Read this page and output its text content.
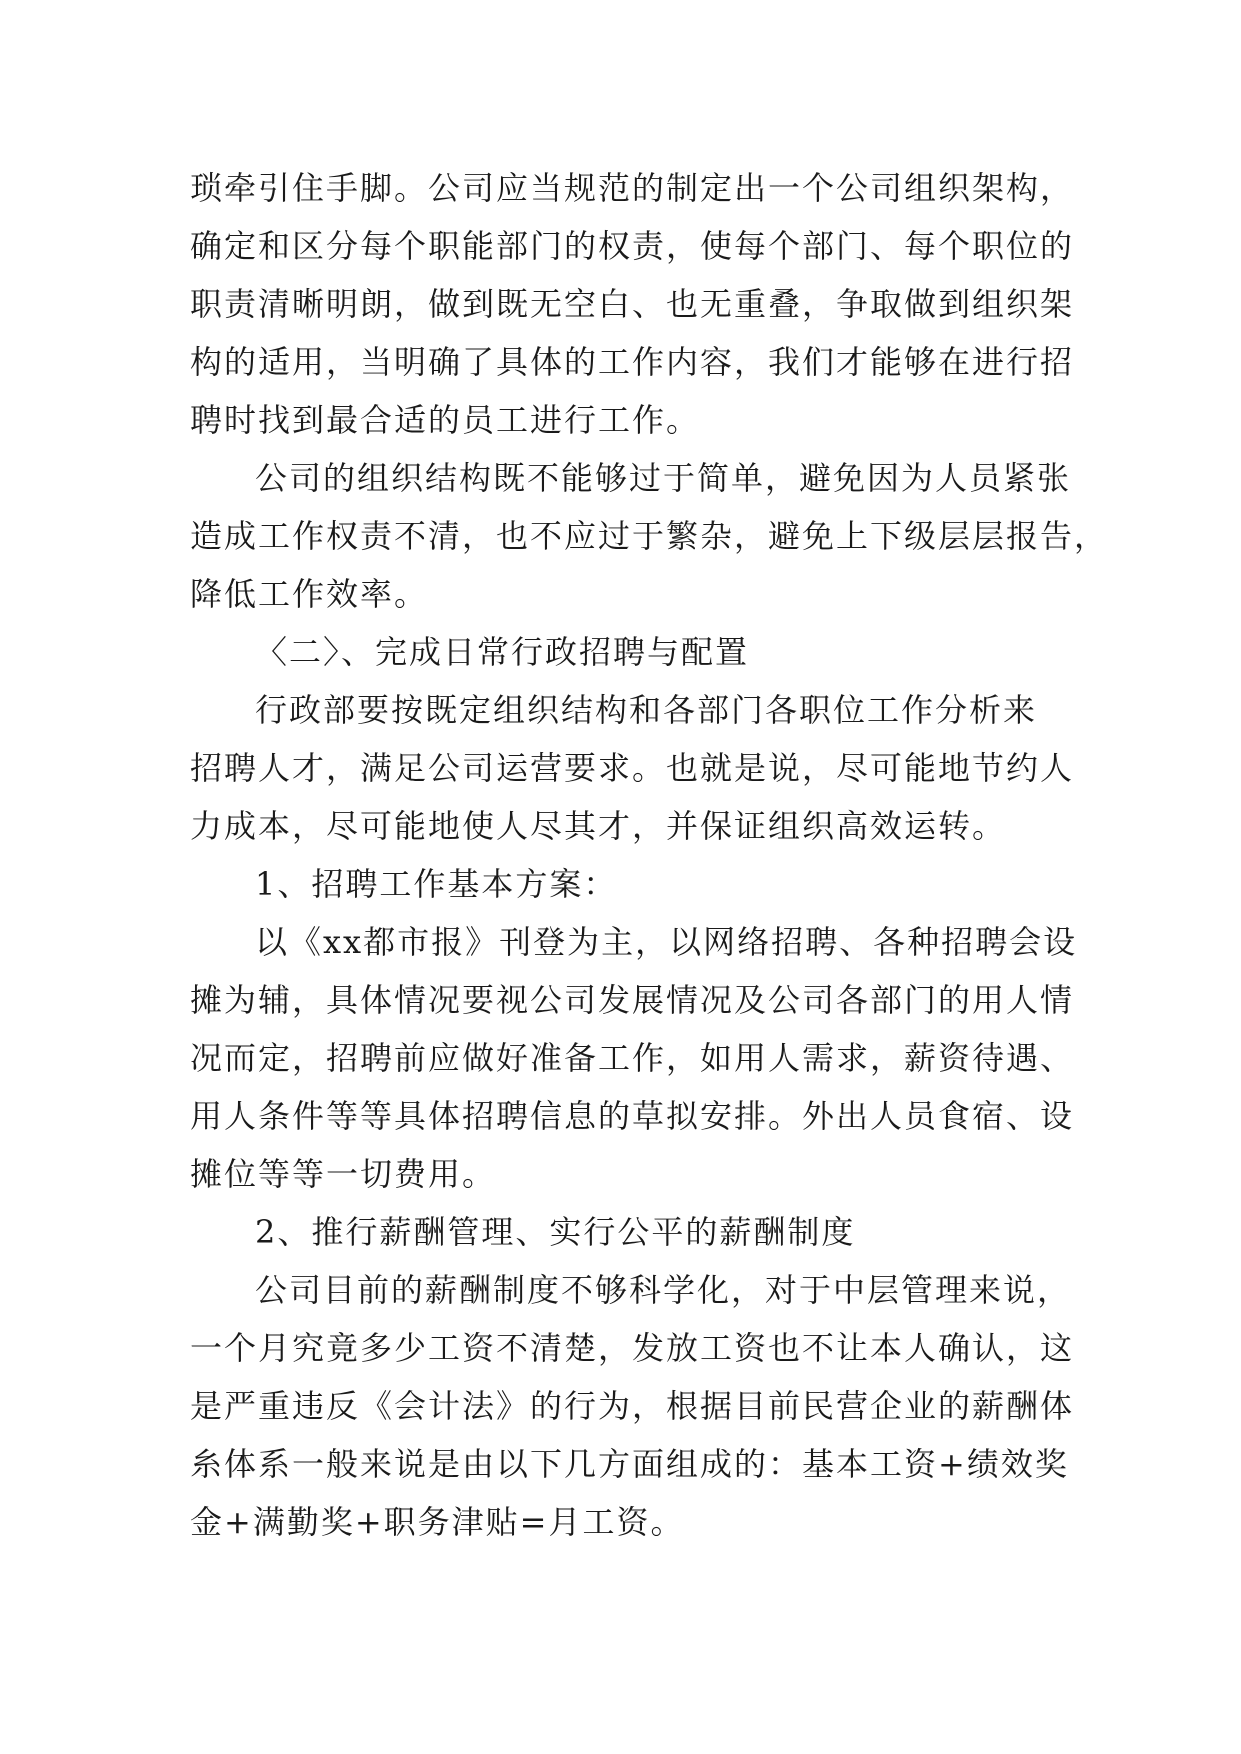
琐牵引住手脚。公司应当规范的制定出一个公司组织架构，
确定和区分每个职能部门的权责，使每个部门、每个职位的
职责清晰明朗，做到既无空白、也无重叠，争取做到组织架
构的适用，当明确了具体的工作内容，我们才能够在进行招
聘时找到最合适的员工进行工作。
公司的组织结构既不能够过于简单，避免因为人员紧张
造成工作权责不清，也不应过于繁杂，避免上下级层层报告，
降低工作效率。
〈二〉、完成日常行政招聘与配置
行政部要按既定组织结构和各部门各职位工作分析来
招聘人才，满足公司运营要求。也就是说，尽可能地节约人
力成本，尽可能地使人尽其才，并保证组织高效运转。
1、招聘工作基本方案：
以《xx都市报》刊登为主，以网络招聘、各种招聘会设
摊为辅，具体情况要视公司发展情况及公司各部门的用人情
况而定，招聘前应做好准备工作，如用人需求，薪资待遇、
用人条件等等具体招聘信息的草拟安排。外出人员食宿、设
摊位等等一切费用。
2、推行薪酬管理、实行公平的薪酬制度
公司目前的薪酬制度不够科学化，对于中层管理来说，
一个月究竟多少工资不清楚，发放工资也不让本人确认，这
是严重违反《会计法》的行为，根据目前民营企业的薪酬体
糸体系一般来说是由以下几方面组成的：基本工资+绩效奖
金+满勤奖+职务津贴=月工资。
